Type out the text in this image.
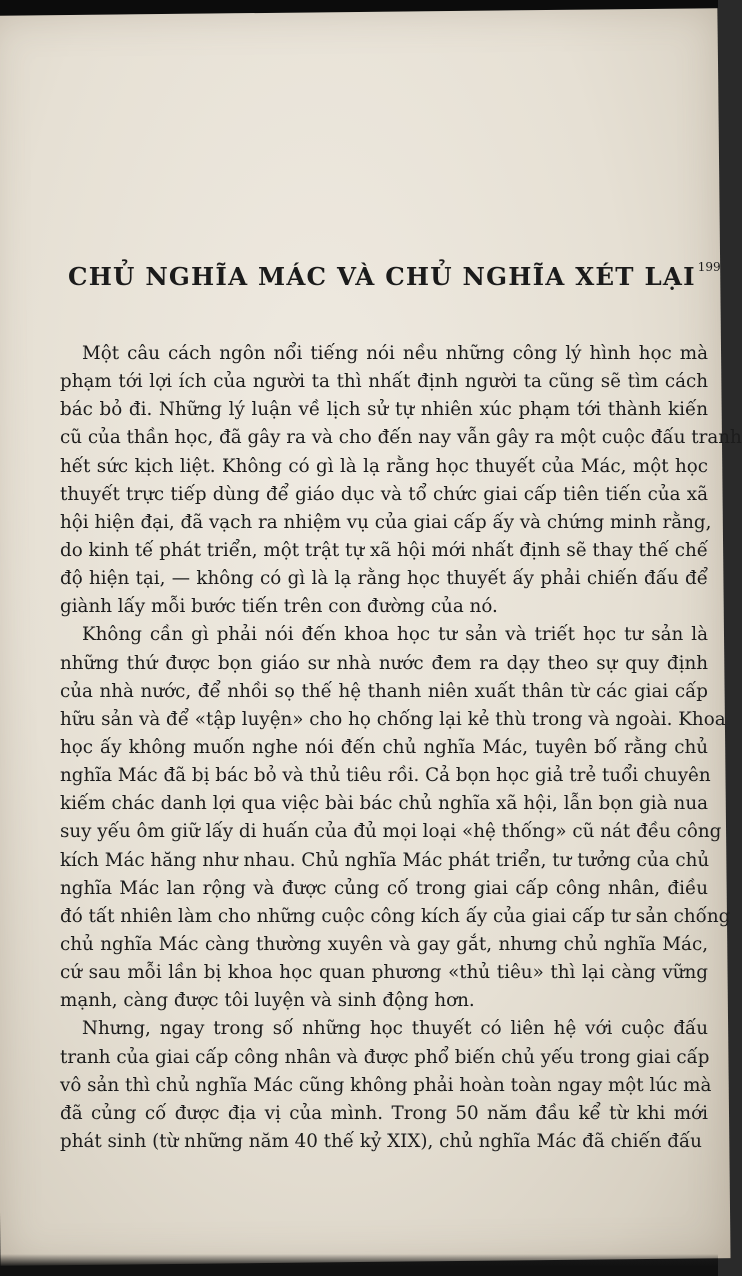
CHỦ NGHĨA MÁC VÀ CHỦ NGHĨA XÉT LẠI $^{199}$
Một câu cách ngôn nổi tiếng nói nều những công lý hình học mà
phạm tới lợi ích của người ta thì nhất định người ta cũng sẽ tìm cách
bác bỏ đi. Những lý luận về lịch sử tự nhiên xúc phạm tới thành kiến
cũ của thần học, đã gây ra và cho đến nay vẫn gây ra một cuộc đấu tranh
hết sức kịch liệt. Không có gì là lạ rằng học thuyết của Mác, một học
thuyết trực tiếp dùng để giáo dục và tổ chức giai cấp tiên tiến của xã
hội hiện đại, đã vạch ra nhiệm vụ của giai cấp ấy và chứng minh rằng,
do kinh tế phát triển, một trật tự xã hội mới nhất định sẽ thay thế chế
độ hiện tại, — không có gì là lạ rằng học thuyết ấy phải chiến đấu để
giành lấy mỗi bước tiến trên con đường của nó.
Không cần gì phải nói đến khoa học tư sản và triết học tư sản là
những thứ được bọn giáo sư nhà nước đem ra dạy theo sự quy định
của nhà nước, để nhồi sọ thế hệ thanh niên xuất thân từ các giai cấp
hữu sản và để «tập luyện» cho họ chống lại kẻ thù trong và ngoài. Khoa
học ấy không muốn nghe nói đến chủ nghĩa Mác, tuyên bố rằng chủ
nghĩa Mác đã bị bác bỏ và thủ tiêu rồi. Cả bọn học giả trẻ tuổi chuyên
kiếm chác danh lợi qua việc bài bác chủ nghĩa xã hội, lẫn bọn già nua
suy yếu ôm giữ lấy di huấn của đủ mọi loại «hệ thống» cũ nát đều công
kích Mác hăng như nhau. Chủ nghĩa Mác phát triển, tư tưởng của chủ
nghĩa Mác lan rộng và được củng cố trong giai cấp công nhân, điều
đó tất nhiên làm cho những cuộc công kích ấy của giai cấp tư sản chống
chủ nghĩa Mác càng thường xuyên và gay gắt, nhưng chủ nghĩa Mác,
cứ sau mỗi lần bị khoa học quan phương «thủ tiêu» thì lại càng vững
mạnh, càng được tôi luyện và sinh động hơn.
Nhưng, ngay trong số những học thuyết có liên hệ với cuộc đấu
tranh của giai cấp công nhân và được phổ biến chủ yếu trong giai cấp
vô sản thì chủ nghĩa Mác cũng không phải hoàn toàn ngay một lúc mà
đã củng cố được địa vị của mình. Trong 50 năm đầu kể từ khi mới
phát sinh (từ những năm 40 thế kỷ XIX), chủ nghĩa Mác đã chiến đấu
